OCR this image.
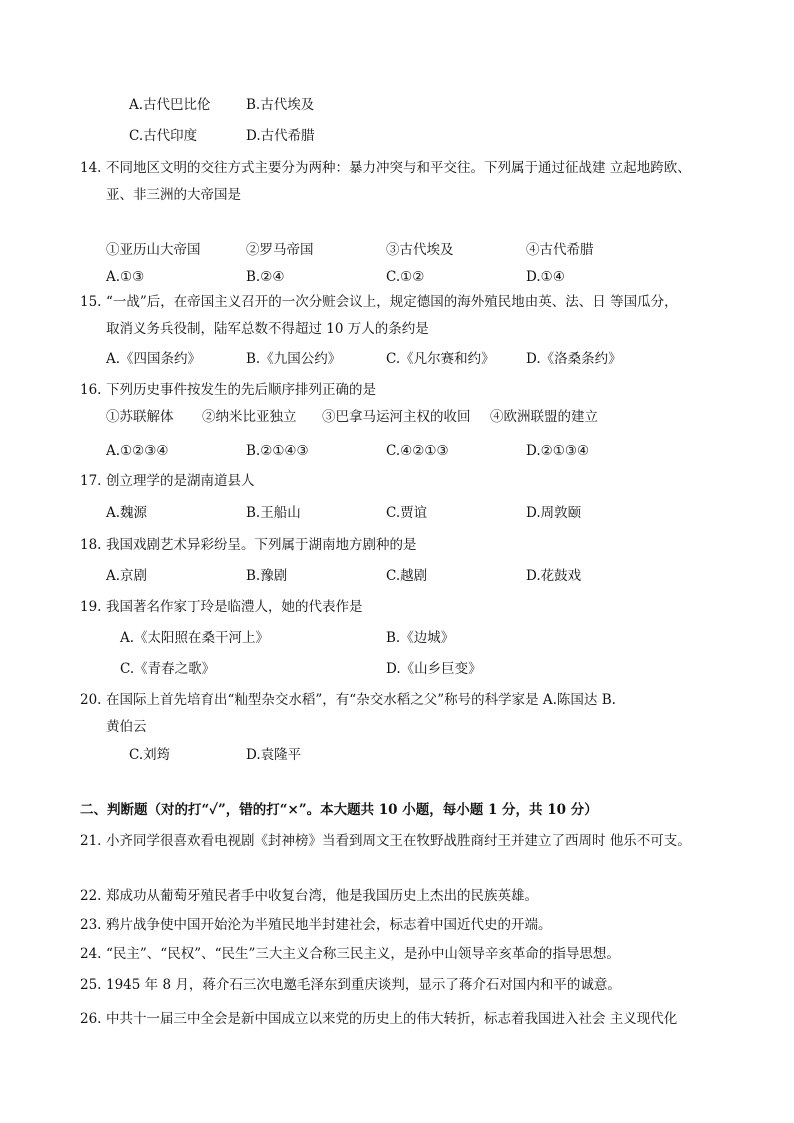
A.古代巴比伦	B.古代埃及
C.古代印度	D.古代希腊
14. 不同地区文明的交往方式主要分为两种：暴力冲突与和平交往。下列属于通过征战建 立起地跨欧、
亚、非三洲的大帝国是
①亚历山大帝国	②罗马帝国	③古代埃及	④古代希腊
A.①③	B.②④	C.①②	D.①④
15. “一战”后，在帝国主义召开的一次分赃会议上，规定德国的海外殖民地由英、法、日 等国瓜分，
取消义务兵役制，陆军总数不得超过 10 万人的条约是
A.《四国条约》	B.《九国公约》	C.《凡尔赛和约》 D.《洛桑条约》
16. 下列历史事件按发生的先后顺序排列正确的是
①苏联解体 ②纳米比亚独立 ③巴拿马运河主权的收回 ④欧洲联盟的建立
A.①②③④	B.②①④③	C.④②①③	D.②①③④
17. 创立理学的是湖南道县人
A.魏源	B.王船山	C.贾谊	D.周敦颐
18. 我国戏剧艺术异彩纷呈。下列属于湖南地方剧种的是
A.京剧	B.豫剧	C.越剧	D.花鼓戏
19. 我国著名作家丁玲是临澧人，她的代表作是
A.《太阳照在桑干河上》	B.《边城》
C.《青春之歌》	D.《山乡巨变》
20. 在国际上首先培育出“籼型杂交水稻”，有“杂交水稻之父”称号的科学家是 A.陈国达 B.
黄伯云
C.刘筠	D.袁隆平
二、判断题（对的打“✓”，错的打“×”。本大题共 10 小题，每小题 1 分，共 10 分）
21. 小齐同学很喜欢看电视剧《封神榜》当看到周文王在牧野战胜商纣王并建立了西周时 他乐不可支。
22. 郑成功从葡萄牙殖民者手中收复台湾，他是我国历史上杰出的民族英雄。
23. 鸦片战争使中国开始沦为半殖民地半封建社会，标志着中国近代史的开端。
24. “民主”、“民权”、“民生”三大主义合称三民主义，是孙中山领导辛亥革命的指导思想。
25. 1945 年 8 月，蒋介石三次电邀毛泽东到重庆谈判，显示了蒋介石对国内和平的诚意。
26. 中共十一届三中全会是新中国成立以来党的历史上的伟大转折，标志着我国进入社会 主义现代化
